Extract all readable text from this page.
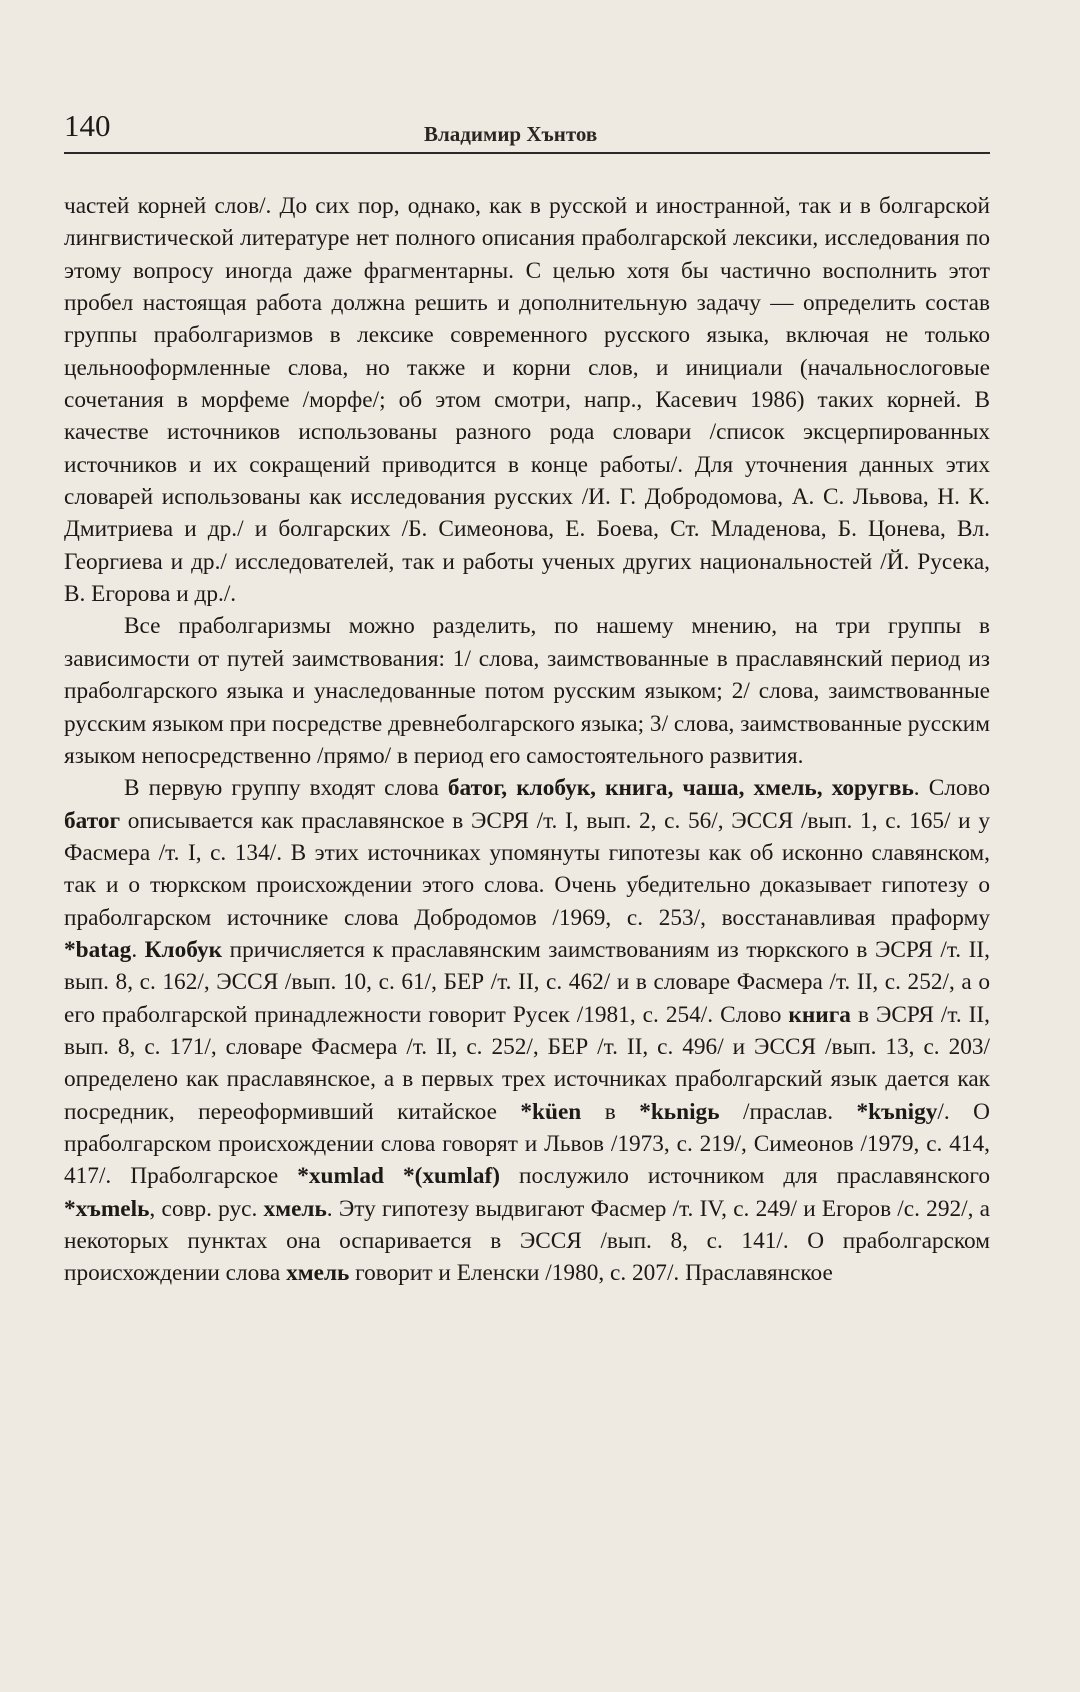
140	Владимир Хънтов

частей корней слов/. До сих пор, однако, как в русской и иностранной, так и в болгарской лингвистической литературе нет полного описания праболгарской лексики, исследования по этому вопросу иногда даже фрагментарны. С целью хотя бы частично восполнить этот пробел настоящая работа должна решить и дополнительную задачу — определить состав группы праболгаризмов в лексике современного русского языка, включая не только цельнооформленные слова, но также и корни слов, и инициали (начальнослоговые сочетания в морфеме /морфе/; об этом смотри, напр., Касевич 1986) таких корней. В качестве источников использованы разного рода словари /список эксцерпированных источников и их сокращений приводится в конце работы/. Для уточнения данных этих словарей использованы как исследования русских /И. Г. Добродомова, А. С. Львова, Н. К. Дмитриева и др./ и болгарских /Б. Симеонова, Е. Боева, Ст. Младенова, Б. Цонева, Вл. Георгиева и др./ исследователей, так и работы ученых других национальностей /Й. Русека, В. Егорова и др./.

Все праболгаризмы можно разделить, по нашему мнению, на три группы в зависимости от путей заимствования: 1/ слова, заимствованные в праславянский период из праболгарского языка и унаследованные потом русским языком; 2/ слова, заимствованные русским языком при посредстве древнеболгарского языка; 3/ слова, заимствованные русским языком непосредственно /прямо/ в период его самостоятельного развития.

В первую группу входят слова батог, клобук, книга, чаша, хмель, хоругвь. Слово батог описывается как праславянское в ЭСРЯ /т. I, вып. 2, с. 56/, ЭССЯ /вып. 1, с. 165/ и у Фасмера /т. I, с. 134/. В этих источниках упомянуты гипотезы как об исконно славянском, так и о тюркском происхождении этого слова. Очень убедительно доказывает гипотезу о праболгарском источнике слова Добродомов /1969, с. 253/, восстанавливая праформу *batag. Клобук причисляется к праславянским заимствованиям из тюркского в ЭСРЯ /т. II, вып. 8, с. 162/, ЭССЯ /вып. 10, с. 61/, БЕР /т. II, с. 462/ и в словаре Фасмера /т. II, с. 252/, а о его праболгарской принадлежности говорит Русек /1981, с. 254/. Слово книга в ЭСРЯ /т. II, вып. 8, с. 171/, словаре Фасмера /т. II, с. 252/, БЕР /т. II, с. 496/ и ЭССЯ /вып. 13, с. 203/ определено как праславянское, а в первых трех источниках праболгарский язык дается как посредник, переоформивший китайское *küen в *kьnigь /праслав. *kъnigy/. О праболгарском происхождении слова говорят и Львов /1973, с. 219/, Симеонов /1979, с. 414, 417/. Праболгарское *xumlad *(xumlaf) послужило источником для праславянского *xъmelь, совр. рус. хмель. Эту гипотезу выдвигают Фасмер /т. IV, с. 249/ и Егоров /с. 292/, а некоторых пунктах она оспаривается в ЭССЯ /вып. 8, с. 141/. О праболгарском происхождении слова хмель говорит и Еленски /1980, с. 207/. Праславянское
